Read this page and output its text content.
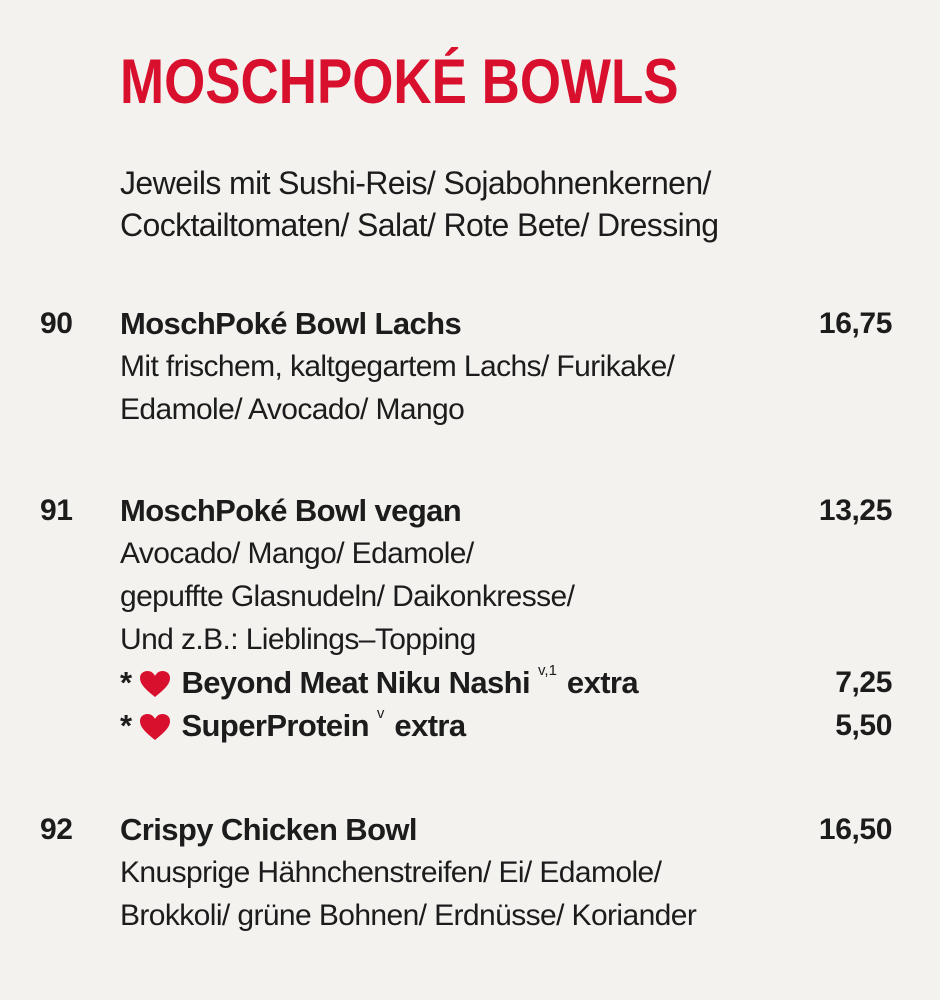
MOSCHPOKÉ BOWLS
Jeweils mit Sushi-Reis/ Sojabohnenkernen/
Cocktailtomaten/ Salat/ Rote Bete/ Dressing
90 MoschPoké Bowl Lachs	16,75
Mit frischem, kaltgegartem Lachs/ Furikake/
Edamole/ Avocado/ Mango
91 MoschPoké Bowl vegan	13,25
Avocado/ Mango/ Edamole/
gepuffte Glasnudeln/ Daikonkresse/
Und z.B.: Lieblings–Topping
* Beyond Meat Niku Nashi v,1 extra	7,25
* SuperProtein v extra	5,50
92 Crispy Chicken Bowl	16,50
Knusprige Hähnchenstreifen/ Ei/ Edamole/
Brokkoli/ grüne Bohnen/ Erdnüsse/ Koriander
